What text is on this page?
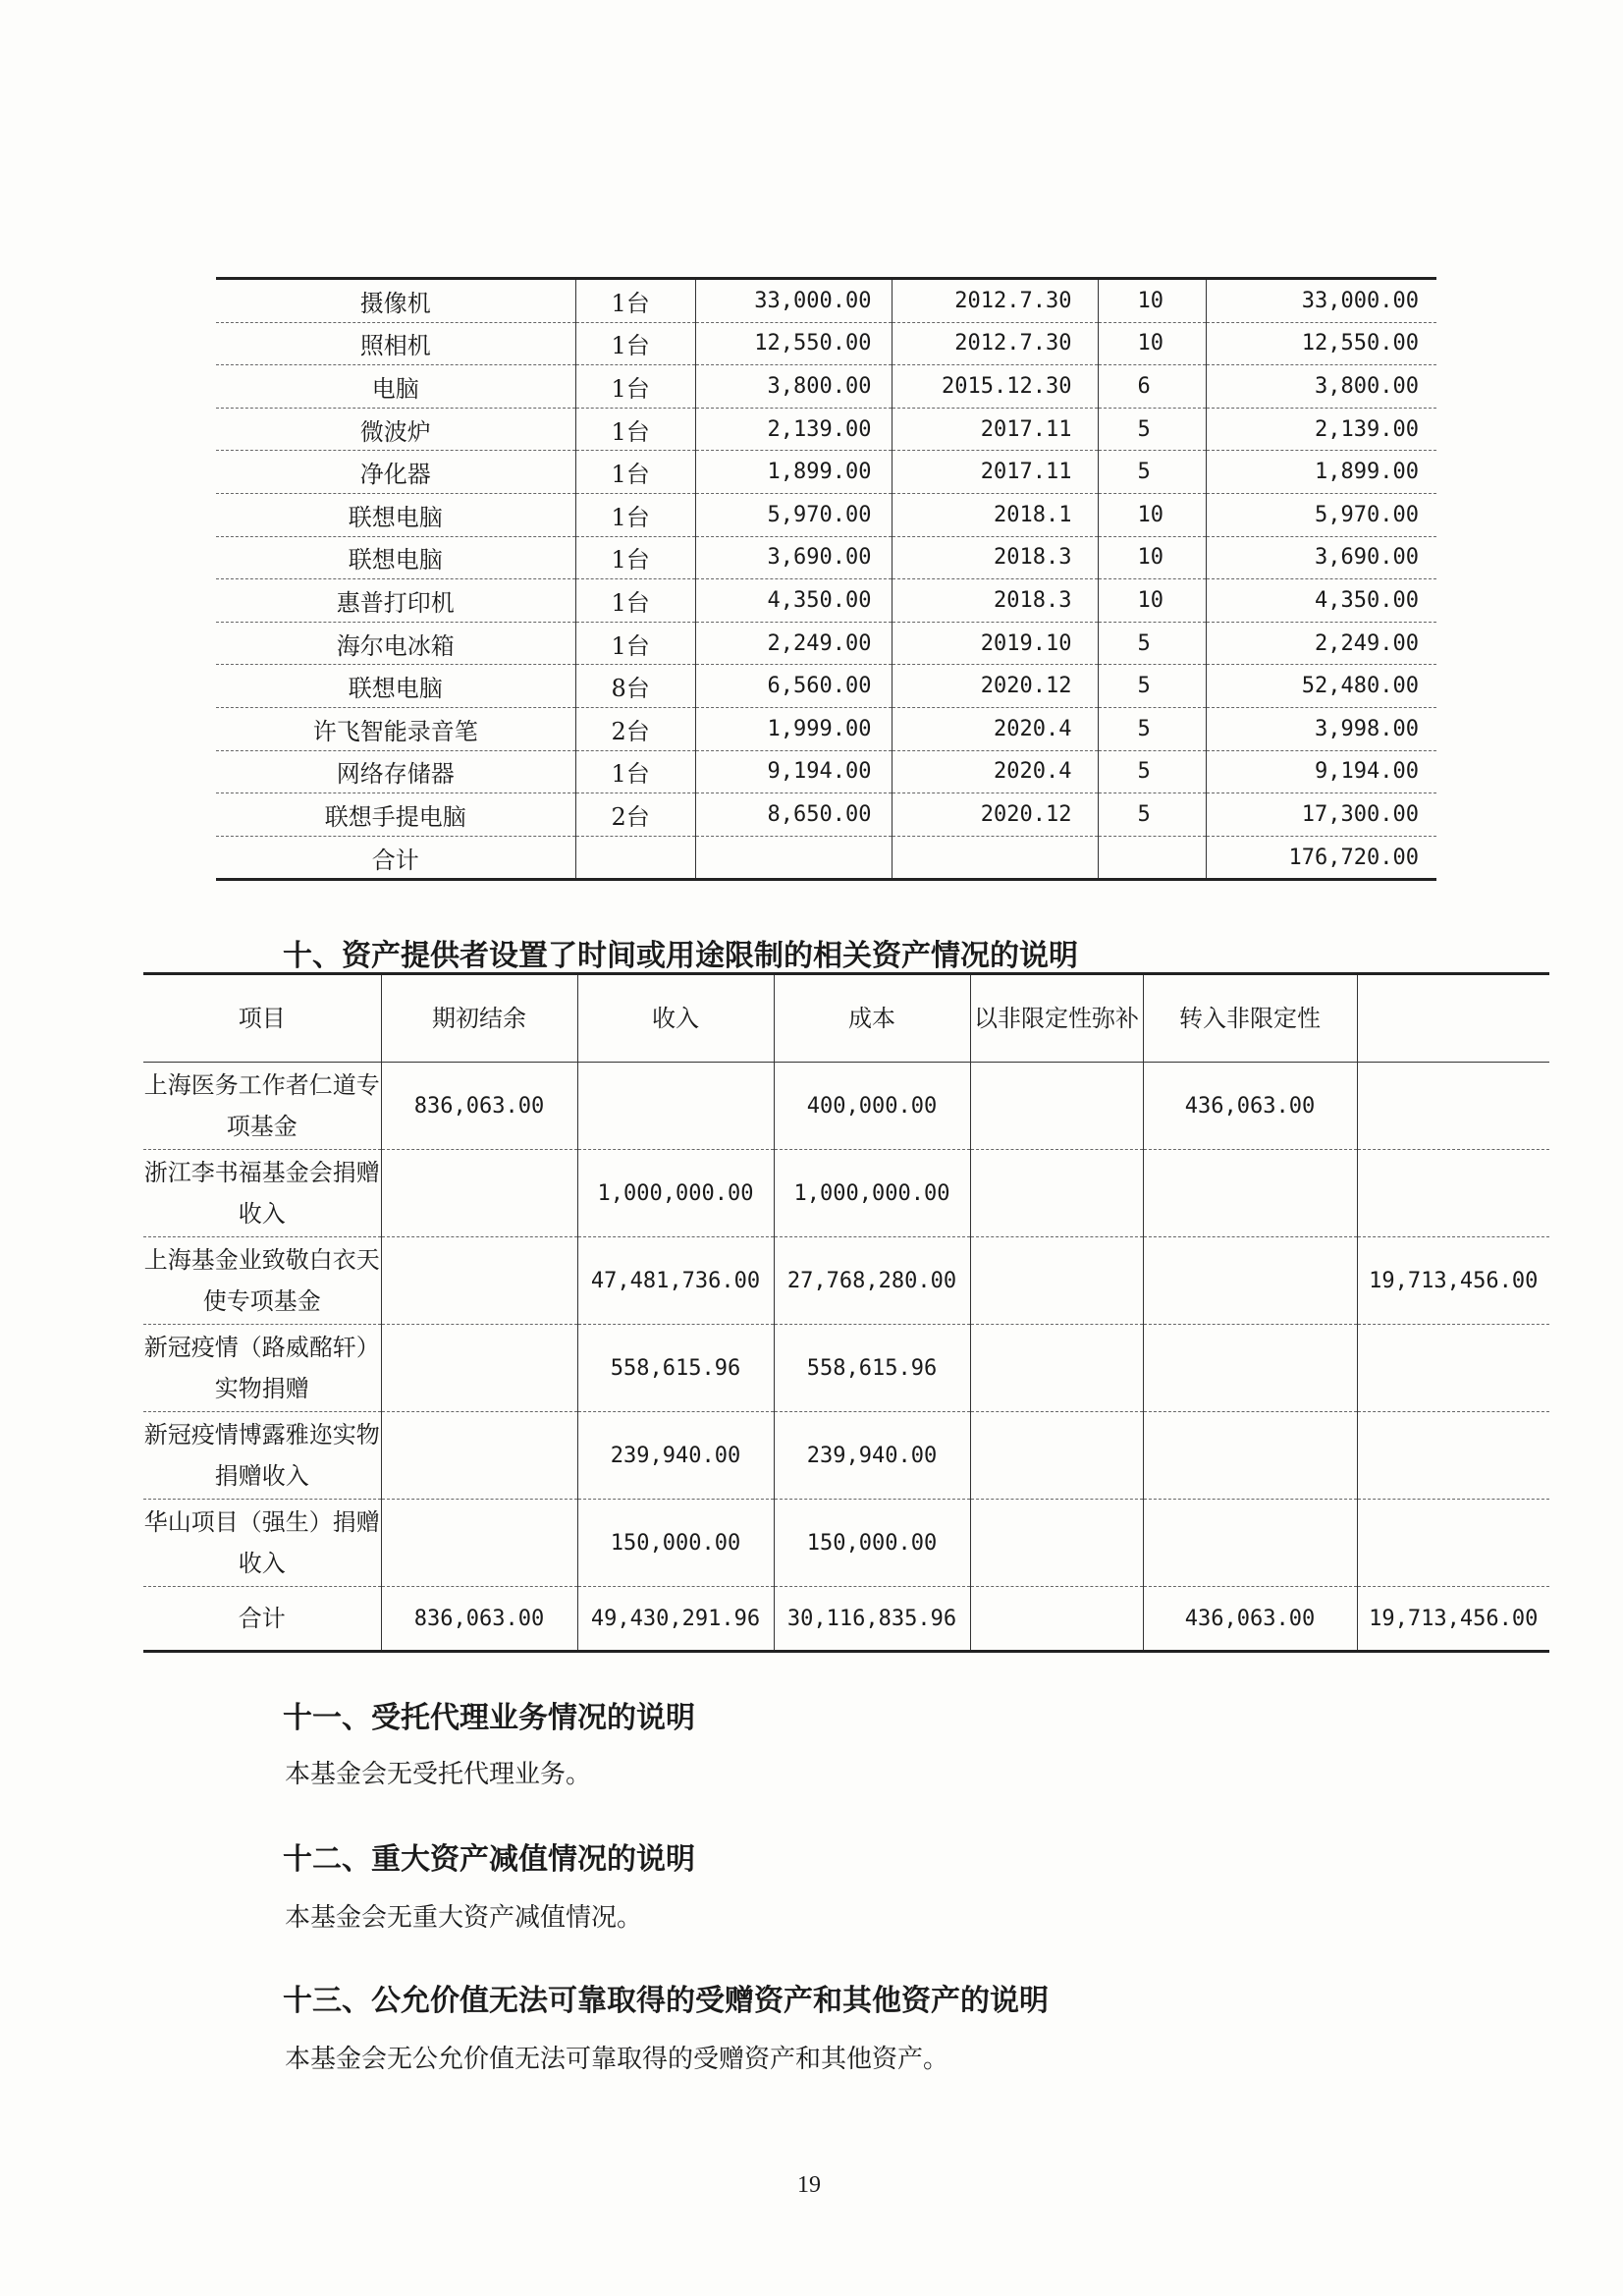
摄像机	1台	33,000.00	2012.7.30	10	33,000.00
照相机	1台	12,550.00	2012.7.30	10	12,550.00
电脑	1台	3,800.00	2015.12.30	6	3,800.00
微波炉	1台	2,139.00	2017.11	5	2,139.00
净化器	1台	1,899.00	2017.11	5	1,899.00
联想电脑	1台	5,970.00	2018.1	10	5,970.00
联想电脑	1台	3,690.00	2018.3	10	3,690.00
惠普打印机	1台	4,350.00	2018.3	10	4,350.00
海尔电冰箱	1台	2,249.00	2019.10	5	2,249.00
联想电脑	8台	6,560.00	2020.12	5	52,480.00
许飞智能录音笔	2台	1,999.00	2020.4	5	3,998.00
网络存储器	1台	9,194.00	2020.4	5	9,194.00
联想手提电脑	2台	8,650.00	2020.12	5	17,300.00
合计					176,720.00
十、资产提供者设置了时间或用途限制的相关资产情况的说明
项目	期初结余	收入	成本	以非限定性弥补	转入非限定性	
上海医务工作者仁道专项基金	836,063.00		400,000.00		436,063.00	
浙江李书福基金会捐赠收入		1,000,000.00	1,000,000.00			
上海基金业致敬白衣天使专项基金		47,481,736.00	27,768,280.00			19,713,456.00
新冠疫情（路威酩轩）实物捐赠		558,615.96	558,615.96			
新冠疫情博露雅迩实物捐赠收入		239,940.00	239,940.00			
华山项目（强生）捐赠收入		150,000.00	150,000.00			
合计	836,063.00	49,430,291.96	30,116,835.96		436,063.00	19,713,456.00
十一、受托代理业务情况的说明
本基金会无受托代理业务。
十二、重大资产减值情况的说明
本基金会无重大资产减值情况。
十三、公允价值无法可靠取得的受赠资产和其他资产的说明
本基金会无公允价值无法可靠取得的受赠资产和其他资产。
19
